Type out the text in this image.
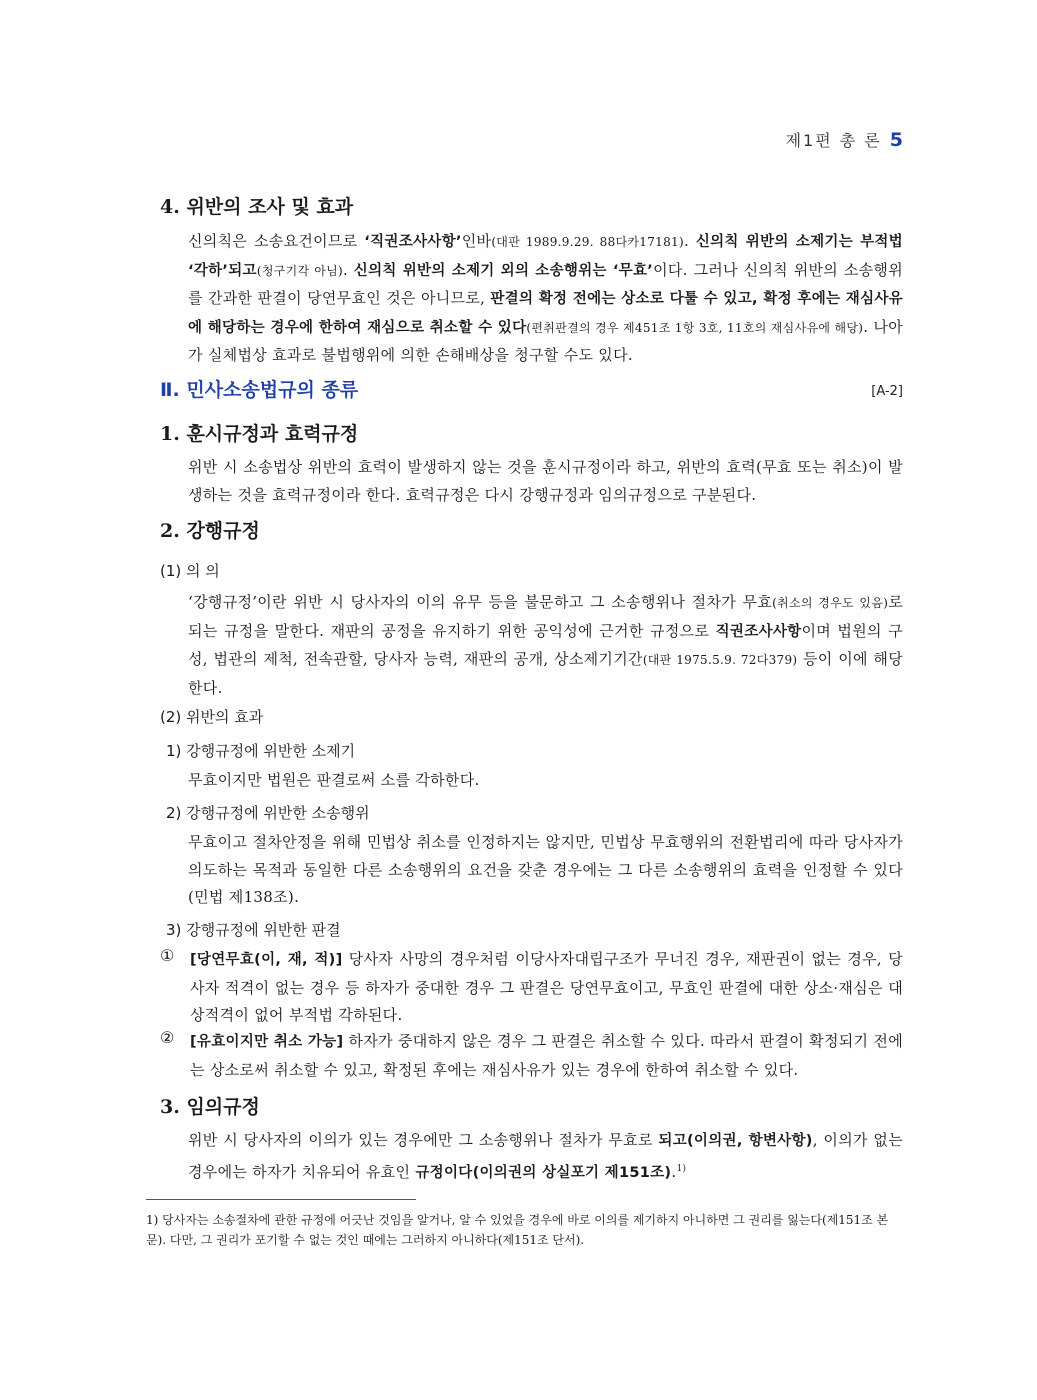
제1편 총 론 5
4. 위반의 조사 및 효과

신의칙은 소송요건이므로 ‘직권조사사항’인바(대판 1989.9.29. 88다카17181). 신의칙 위반의 소제기는 부적법 ‘각하’되고(청구기각 아님). 신의칙 위반의 소제기 외의 소송행위는 ‘무효’이다. 그러나 신의칙 위반의 소송행위를 간과한 판결이 당연무효인 것은 아니므로, 판결의 확정 전에는 상소로 다툴 수 있고, 확정 후에는 재심사유에 해당하는 경우에 한하여 재심으로 취소할 수 있다(편취판결의 경우 제451조 1항 3호, 11호의 재심사유에 해당). 나아가 실체법상 효과로 불법행위에 의한 손해배상을 청구할 수도 있다.

Ⅱ. 민사소송법규의 종류	[A-2]
1. 훈시규정과 효력규정

위반 시 소송법상 위반의 효력이 발생하지 않는 것을 훈시규정이라 하고, 위반의 효력(무효 또는 취소)이 발생하는 것을 효력규정이라 한다. 효력규정은 다시 강행규정과 임의규정으로 구분된다.

2. 강행규정
(1) 의 의

‘강행규정’이란 위반 시 당사자의 이의 유무 등을 불문하고 그 소송행위나 절차가 무효(취소의 경우도 있음)로 되는 규정을 말한다. 재판의 공정을 유지하기 위한 공익성에 근거한 규정으로 직권조사사항이며 법원의 구성, 법관의 제척, 전속관할, 당사자 능력, 재판의 공개, 상소제기기간(대판 1975.5.9. 72다379) 등이 이에 해당한다.

(2) 위반의 효과
1) 강행규정에 위반한 소제기

무효이지만 법원은 판결로써 소를 각하한다.

2) 강행규정에 위반한 소송행위

무효이고 절차안정을 위해 민법상 취소를 인정하지는 않지만, 민법상 무효행위의 전환법리에 따라 당사자가 의도하는 목적과 동일한 다른 소송행위의 요건을 갖춘 경우에는 그 다른 소송행위의 효력을 인정할 수 있다(민법 제138조).

3) 강행규정에 위반한 판결
① [당연무효(이, 재, 적)] 당사자 사망의 경우처럼 이당사자대립구조가 무너진 경우, 재판권이 없는 경우, 당사자 적격이 없는 경우 등 하자가 중대한 경우 그 판결은 당연무효이고, 무효인 판결에 대한 상소·재심은 대상적격이 없어 부적법 각하된다.

② [유효이지만 취소 가능] 하자가 중대하지 않은 경우 그 판결은 취소할 수 있다. 따라서 판결이 확정되기 전에는 상소로써 취소할 수 있고, 확정된 후에는 재심사유가 있는 경우에 한하여 취소할 수 있다.

3. 임의규정

위반 시 당사자의 이의가 있는 경우에만 그 소송행위나 절차가 무효로 되고(이의권, 항변사항), 이의가 없는 경우에는 하자가 치유되어 유효인 규정이다(이의권의 상실포기 제151조).$^{1)}$

1) 당사자는 소송절차에 관한 규정에 어긋난 것임을 알거나, 알 수 있었을 경우에 바로 이의를 제기하지 아니하면 그 권리를 잃는다(제151조 본문). 다만, 그 권리가 포기할 수 없는 것인 때에는 그러하지 아니하다(제151조 단서).
